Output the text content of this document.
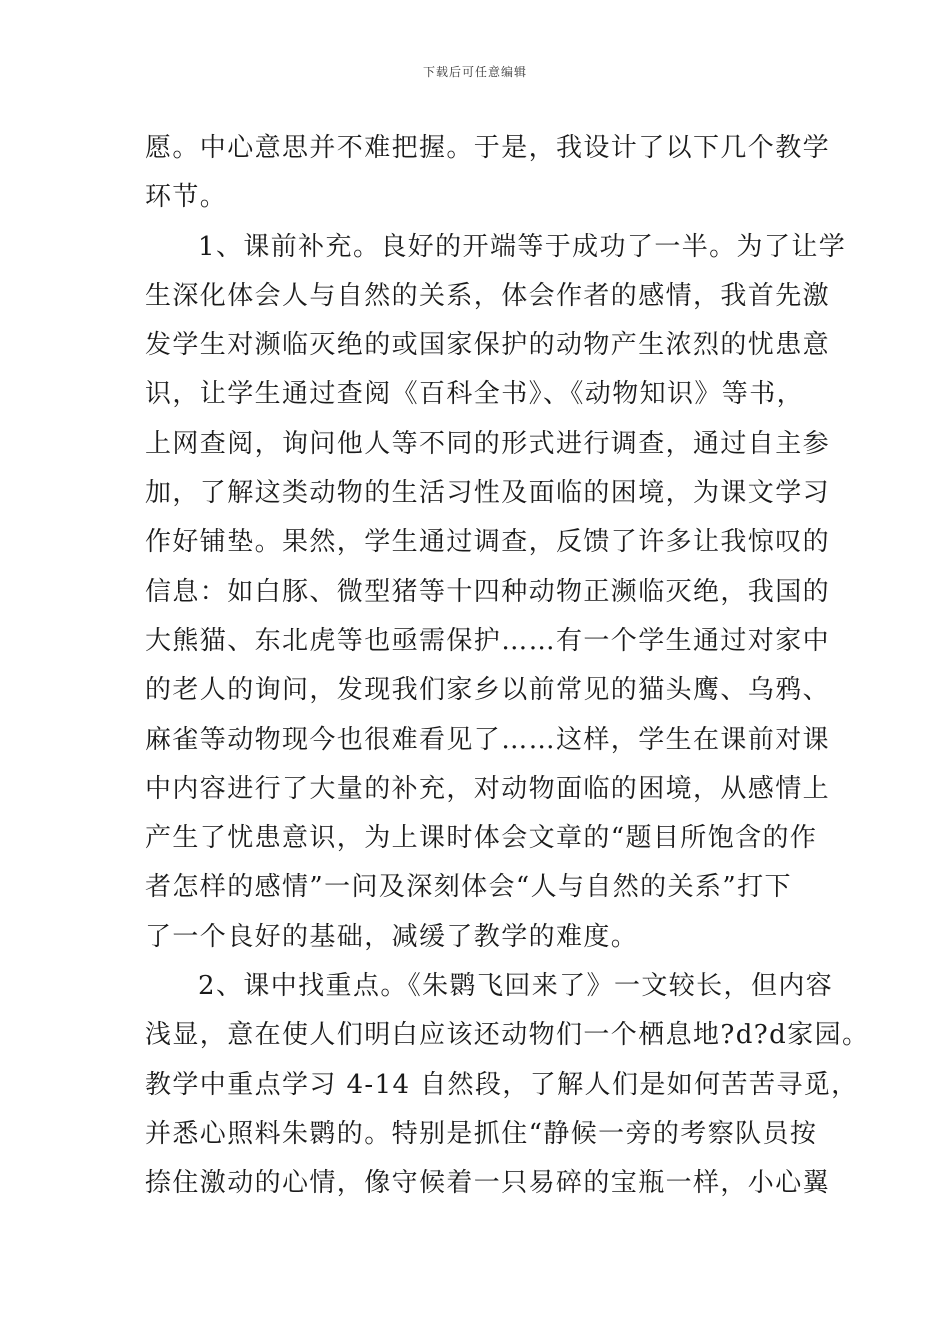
下载后可任意编辑
愿。中心意思并不难把握。于是，我设计了以下几个教学
环节。
1、课前补充。良好的开端等于成功了一半。为了让学
生深化体会人与自然的关系，体会作者的感情，我首先激
发学生对濒临灭绝的或国家保护的动物产生浓烈的忧患意
识，让学生通过查阅《百科全书》、《动物知识》等书，
上网查阅，询问他人等不同的形式进行调查，通过自主参
加，了解这类动物的生活习性及面临的困境，为课文学习
作好铺垫。果然，学生通过调查，反馈了许多让我惊叹的
信息：如白豚、微型猪等十四种动物正濒临灭绝，我国的
大熊猫、东北虎等也亟需保护……有一个学生通过对家中
的老人的询问，发现我们家乡以前常见的猫头鹰、乌鸦、
麻雀等动物现今也很难看见了……这样，学生在课前对课
中内容进行了大量的补充，对动物面临的困境，从感情上
产生了忧患意识，为上课时体会文章的“题目所饱含的作
者怎样的感情”一问及深刻体会“人与自然的关系”打下
了一个良好的基础，减缓了教学的难度。
2、课中找重点。《朱鹮飞回来了》一文较长，但内容
浅显，意在使人们明白应该还动物们一个栖息地?d?d家园。
教学中重点学习 4-14 自然段，了解人们是如何苦苦寻觅，
并悉心照料朱鹮的。特别是抓住“静候一旁的考察队员按
捺住激动的心情，像守候着一只易碎的宝瓶一样，小心翼
